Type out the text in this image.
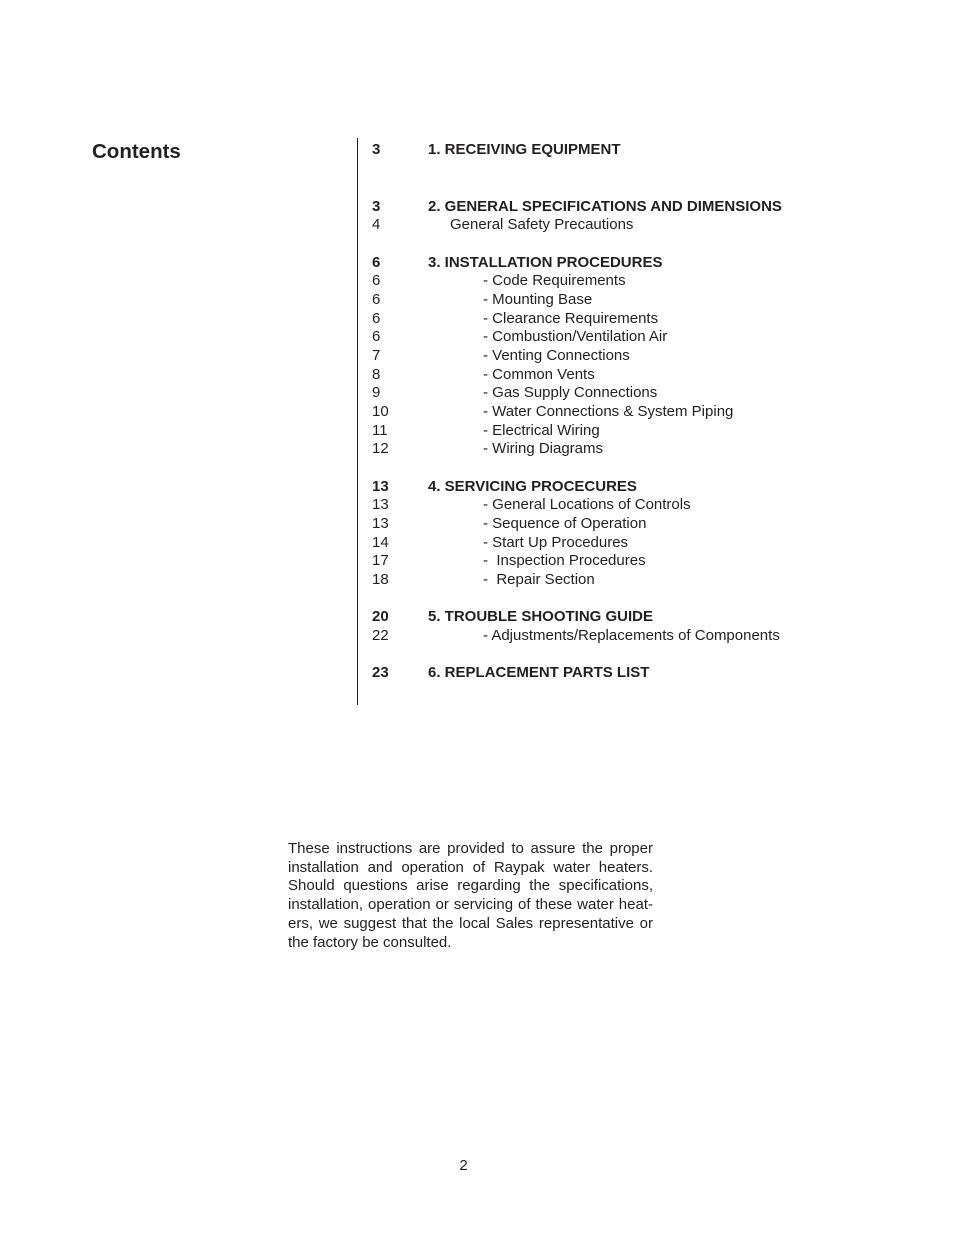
Contents	3	1. RECEIVING EQUIPMENT
3	2. GENERAL SPECIFICATIONS AND DIMENSIONS
4	General Safety Precautions
6	3. INSTALLATION PROCEDURES
6	- Code Requirements
6	- Mounting Base
6	- Clearance Requirements
6	- Combustion/Ventilation Air
7	- Venting Connections
8	- Common Vents
9	- Gas Supply Connections
10	- Water Connections & System Piping
11	- Electrical Wiring
12	- Wiring Diagrams
13	4. SERVICING PROCECURES
13	- General Locations of Controls
13	- Sequence of Operation
14	- Start Up Procedures
17	-  Inspection Procedures
18	-  Repair Section
20	5. TROUBLE SHOOTING GUIDE
22	- Adjustments/Replacements of Components
23	6. REPLACEMENT PARTS LIST

These instructions are provided to assure the proper installation and operation of Raypak water heaters. Should questions arise regarding the specifications, installation, operation or servicing of these water heaters, we suggest that the local Sales representative or the factory be consulted.

2
